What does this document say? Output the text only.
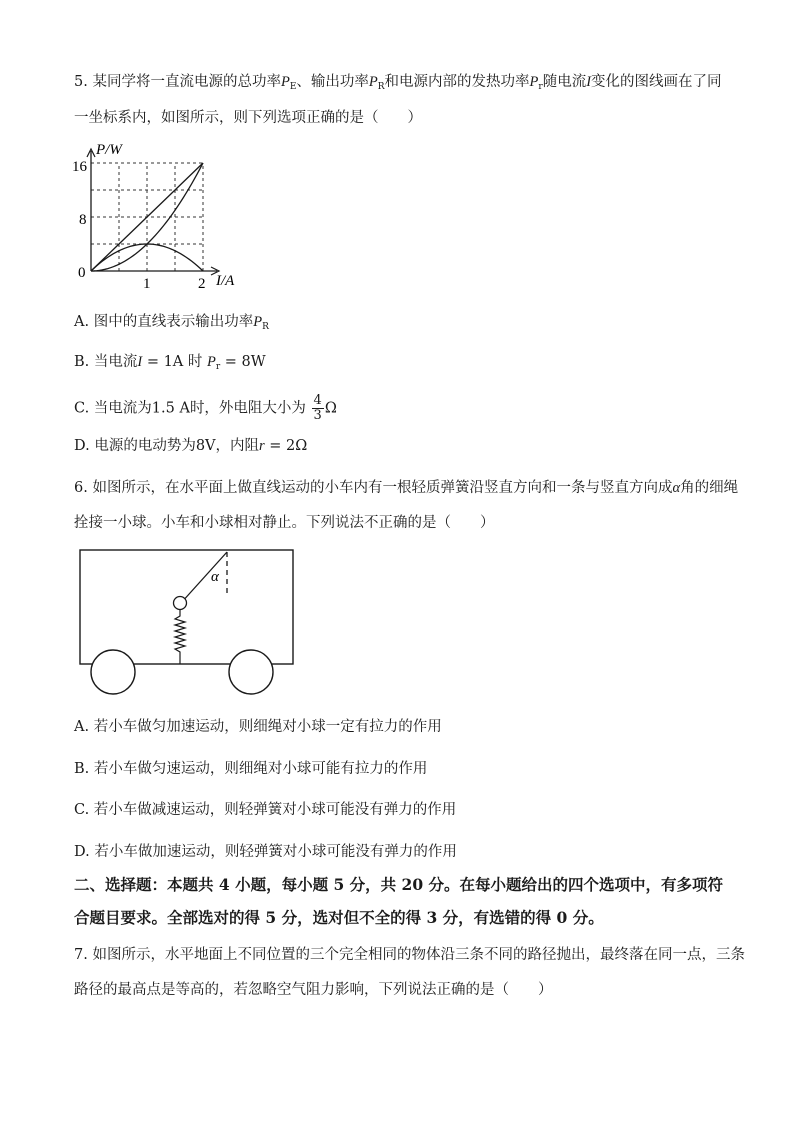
5. 某同学将一直流电源的总功率$P_E$、输出功率$P_R$和电源内部的发热功率$P_r$随电流I变化的图线画在了同
一坐标系内，如图所示，则下列选项正确的是（　　）
P/W
I/A
0
16
8
1	2
A. 图中的直线表示输出功率$P_R$
B. 当电流I = 1A 时 $P_r = 8W$
C. 当电流为1.5 A时，外电阻大小为 $\frac{4}{3}$ Ω
D. 电源的电动势为8V，内阻r = 2Ω
6. 如图所示，在水平面上做直线运动的小车内有一根轻质弹簧沿竖直方向和一条与竖直方向成α角的细绳
拴接一小球。小车和小球相对静止。下列说法不正确的是（　　）
α
A. 若小车做匀加速运动，则细绳对小球一定有拉力的作用
B. 若小车做匀速运动，则细绳对小球可能有拉力的作用
C. 若小车做减速运动，则轻弹簧对小球可能没有弹力的作用
D. 若小车做加速运动，则轻弹簧对小球可能没有弹力的作用
二、选择题：本题共 4 小题，每小题 5 分，共 20 分。在每小题给出的四个选项中，有多项符
合题目要求。全部选对的得 5 分，选对但不全的得 3 分，有选错的得 0 分。
7. 如图所示，水平地面上不同位置的三个完全相同的物体沿三条不同的路径抛出，最终落在同一点，三条
路径的最高点是等高的，若忽略空气阻力影响，下列说法正确的是（　　）
